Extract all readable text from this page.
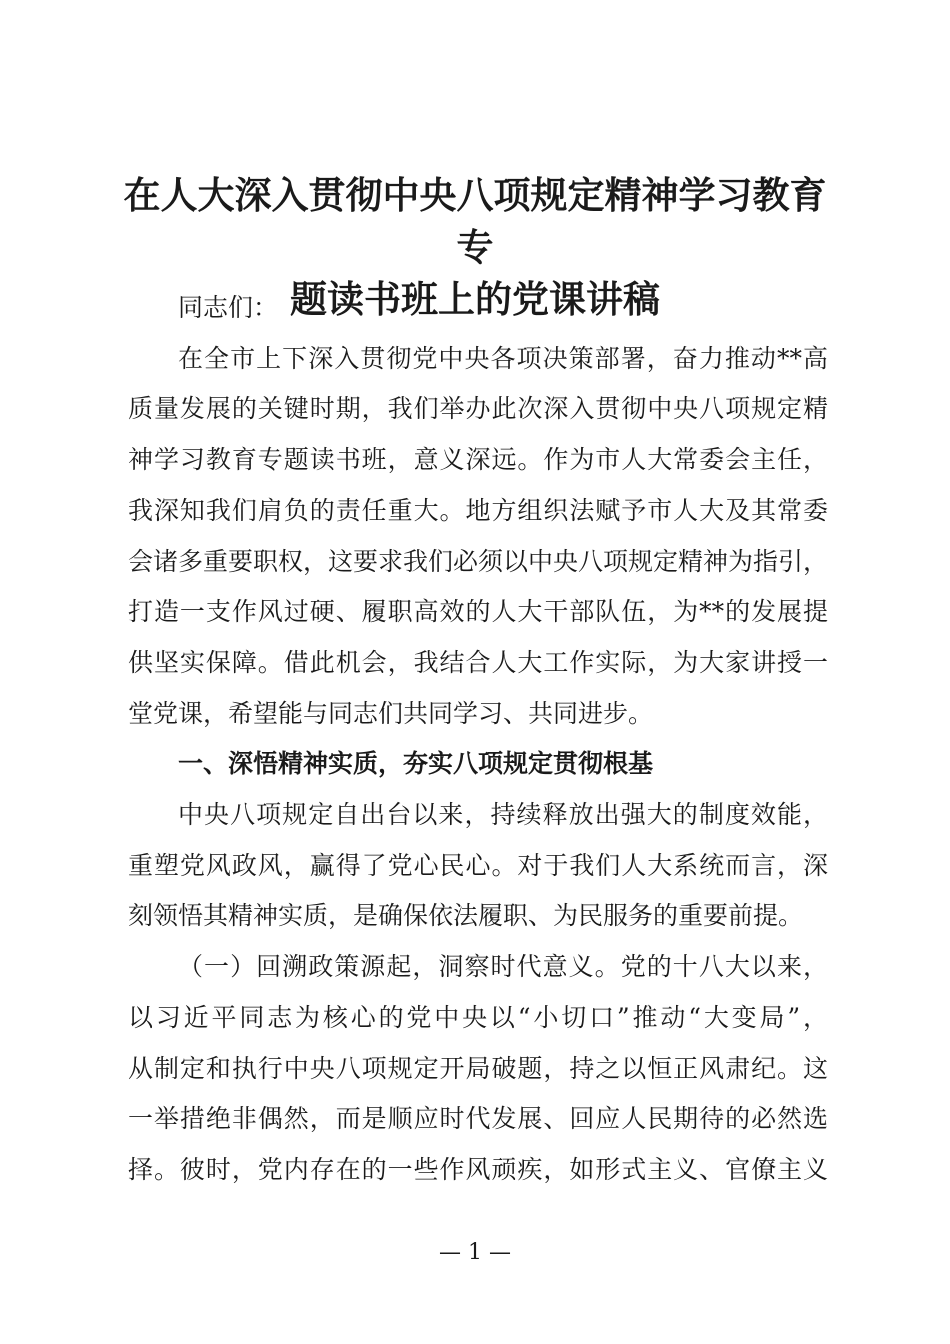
在人大深入贯彻中央八项规定精神学习教育专
题读书班上的党课讲稿

同志们：

在全市上下深入贯彻党中央各项决策部署，奋力推动**高
质量发展的关键时期，我们举办此次深入贯彻中央八项规定精
神学习教育专题读书班，意义深远。作为市人大常委会主任，
我深知我们肩负的责任重大。地方组织法赋予市人大及其常委
会诸多重要职权，这要求我们必须以中央八项规定精神为指引，
打造一支作风过硬、履职高效的人大干部队伍，为**的发展提
供坚实保障。借此机会，我结合人大工作实际，为大家讲授一
堂党课，希望能与同志们共同学习、共同进步。

一、深悟精神实质，夯实八项规定贯彻根基

中央八项规定自出台以来，持续释放出强大的制度效能，
重塑党风政风，赢得了党心民心。对于我们人大系统而言，深
刻领悟其精神实质，是确保依法履职、为民服务的重要前提。

（一）回溯政策源起，洞察时代意义。党的十八大以来，
以习近平同志为核心的党中央以“小切口”推动“大变局”，
从制定和执行中央八项规定开局破题，持之以恒正风肃纪。这
一举措绝非偶然，而是顺应时代发展、回应人民期待的必然选
择。彼时，党内存在的一些作风顽疾，如形式主义、官僚主义

— 1 —
